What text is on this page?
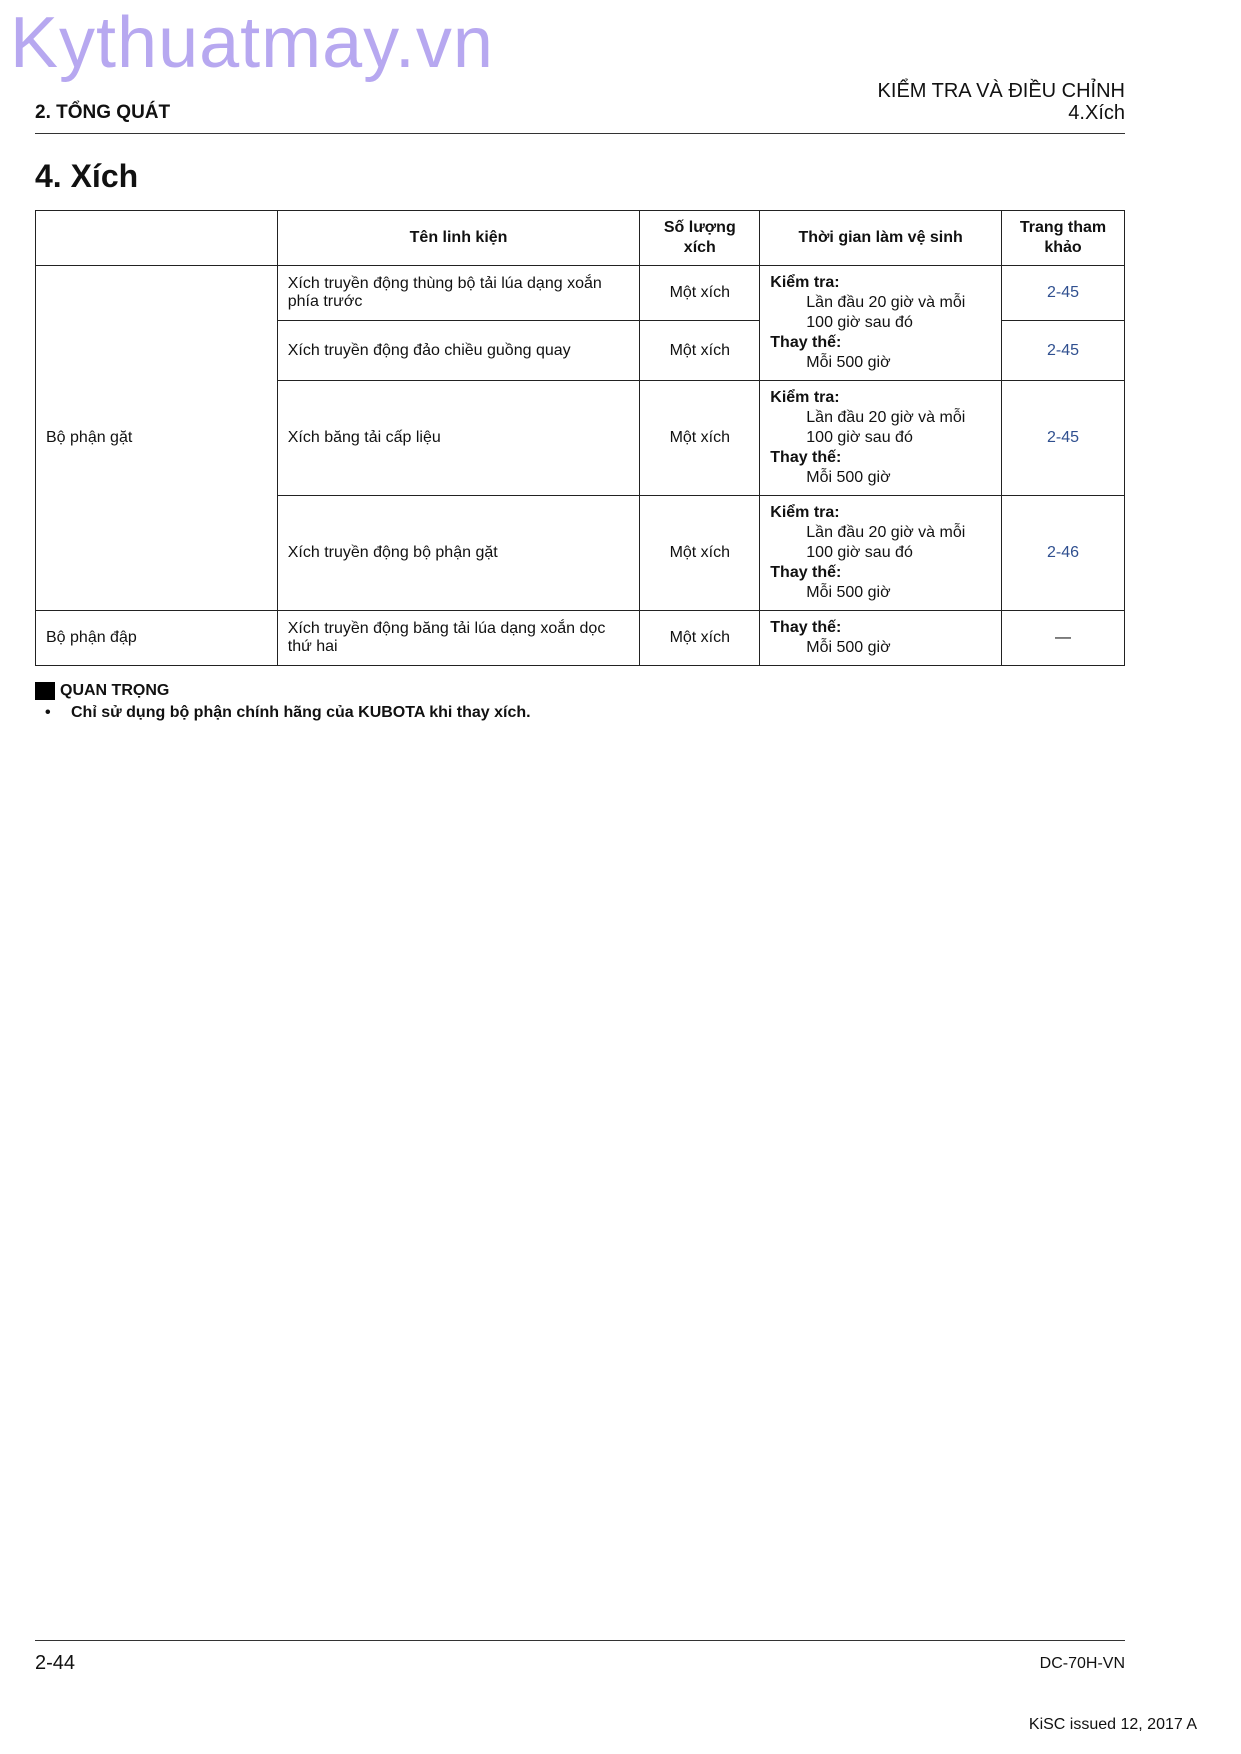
Kythuatmay.vn
2. TỔNG QUÁT
KIỂM TRA VÀ ĐIỀU CHỈNH
4.Xích
4. Xích
	Tên linh kiện	Số lượng xích	Thời gian làm vệ sinh	Trang tham khảo
Bộ phận gặt	Xích truyền động thùng bộ tải lúa dạng xoắn phía trước	Một xích	Kiểm tra:
Lần đầu 20 giờ và mỗi 100 giờ sau đó
Thay thế:
Mỗi 500 giờ	2-45
	Xích truyền động đảo chiều guồng quay	Một xích		2-45
	Xích băng tải cấp liệu	Một xích	Kiểm tra:
Lần đầu 20 giờ và mỗi 100 giờ sau đó
Thay thế:
Mỗi 500 giờ	2-45
	Xích truyền động bộ phận gặt	Một xích	Kiểm tra:
Lần đầu 20 giờ và mỗi 100 giờ sau đó
Thay thế:
Mỗi 500 giờ	2-46
Bộ phận đập	Xích truyền động băng tải lúa dạng xoắn dọc thứ hai	Một xích	Thay thế:
Mỗi 500 giờ	—
QUAN TRỌNG
• Chỉ sử dụng bộ phận chính hãng của KUBOTA khi thay xích.
2-44	DC-70H-VN
KiSC issued 12, 2017 A
